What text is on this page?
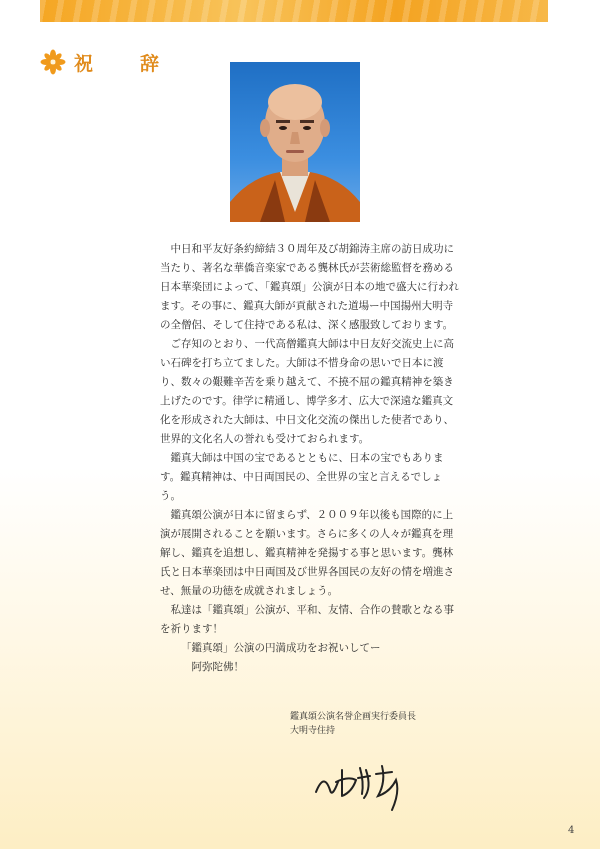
祝　辞

中日和平友好条約締結３０周年及び胡錦涛主席の訪日成功に当たり、著名な華僑音楽家である龔林氏が芸術総監督を務める日本華楽団によって、「鑑真頌」公演が日本の地で盛大に行われます。その事に、鑑真大師が貢献された道場ー中国揚州大明寺の全僧侶、そして住持である私は、深く感服致しております。

ご存知のとおり、一代高僧鑑真大師は中日友好交流史上に高い石碑を打ち立てました。大師は不惜身命の思いで日本に渡り、数々の艱難辛苦を乗り越えて、不撓不屈の鑑真精神を築き上げたのです。律学に精通し、博学多才、広大で深遠な鑑真文化を形成された大師は、中日文化交流の傑出した使者であり、世界的文化名人の誉れも受けておられます。

鑑真大師は中国の宝であるとともに、日本の宝でもあります。鑑真精神は、中日両国民の、全世界の宝と言えるでしょう。

鑑真頌公演が日本に留まらず、２００９年以後も国際的に上演が展開されることを願います。さらに多くの人々が鑑真を理解し、鑑真を追想し、鑑真精神を発揚する事と思います。龔林氏と日本華楽団は中日両国及び世界各国民の友好の情を増進させ、無量の功徳を成就されましょう。

私達は「鑑真頌」公演が、平和、友情、合作の賛歌となる事を祈ります！

「鑑真頌」公演の円満成功をお祝いしてー

阿弥陀佛！

鑑真頌公演名誉企画実行委員長
大明寺住持
4
